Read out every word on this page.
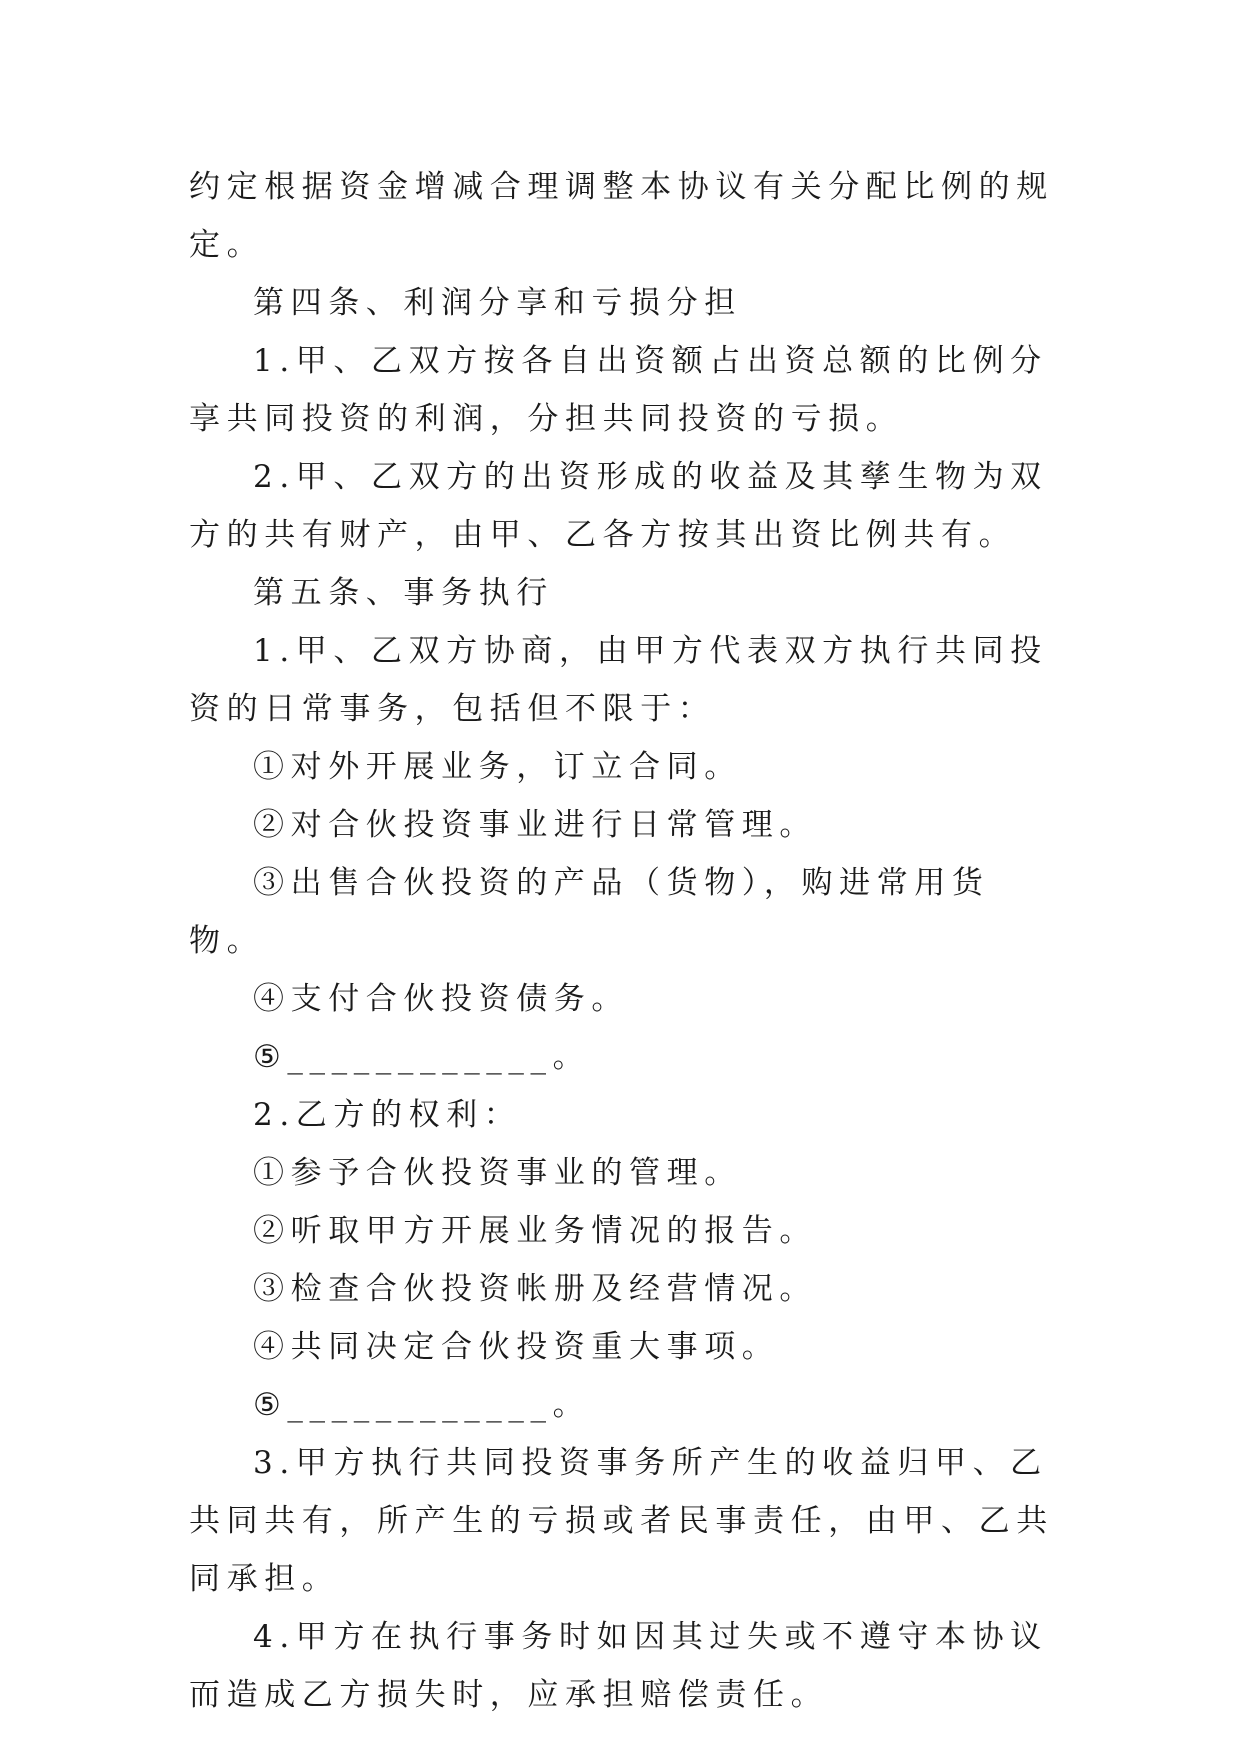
约定根据资金增减合理调整本协议有关分配比例的规定。

第四条、利润分享和亏损分担

1.甲、乙双方按各自出资额占出资总额的比例分享共同投资的利润，分担共同投资的亏损。

2.甲、乙双方的出资形成的收益及其孳生物为双方的共有财产，由甲、乙各方按其出资比例共有。

第五条、事务执行

1.甲、乙双方协商，由甲方代表双方执行共同投资的日常事务，包括但不限于：

①对外开展业务，订立合同。

②对合伙投资事业进行日常管理。

③出售合伙投资的产品（货物），购进常用货物。

④支付合伙投资债务。

⑤____________。

2.乙方的权利：

①参予合伙投资事业的管理。

②听取甲方开展业务情况的报告。

③检查合伙投资帐册及经营情况。

④共同决定合伙投资重大事项。

⑤____________。

3.甲方执行共同投资事务所产生的收益归甲、乙共同共有，所产生的亏损或者民事责任，由甲、乙共同承担。

4.甲方在执行事务时如因其过失或不遵守本协议而造成乙方损失时，应承担赔偿责任。
